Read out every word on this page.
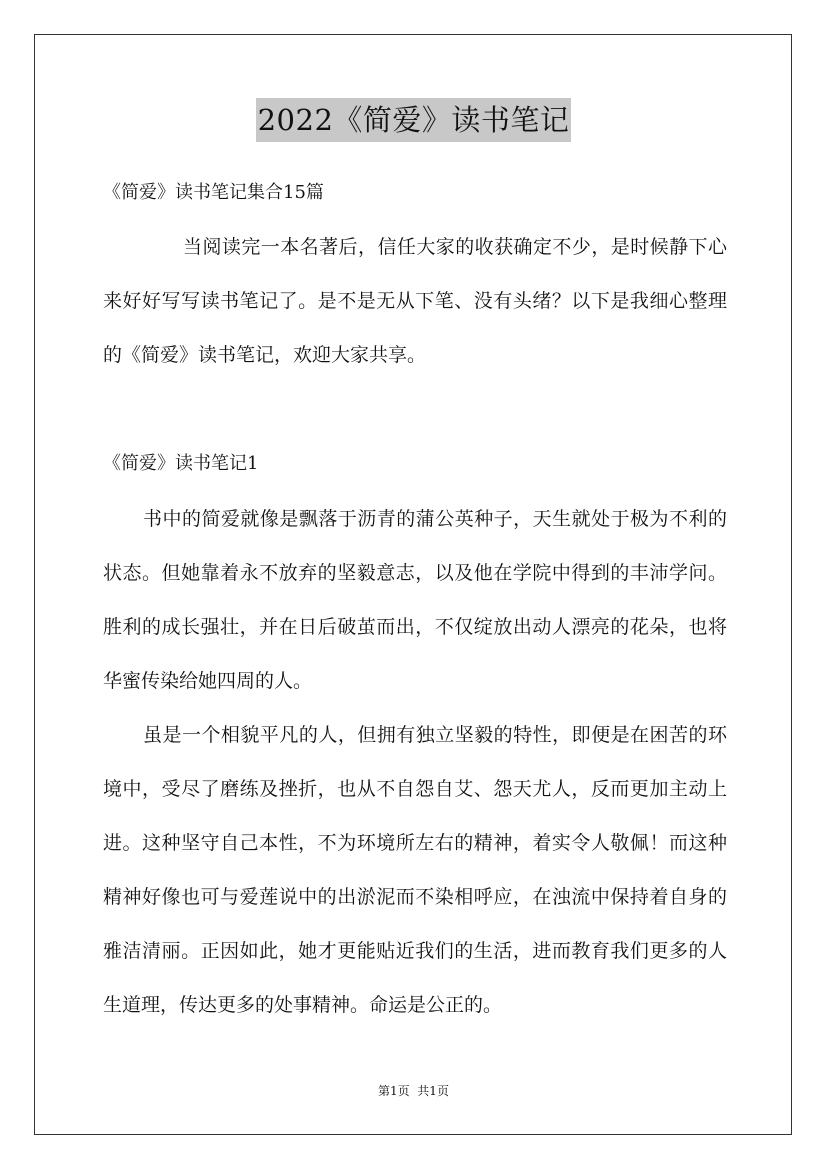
2022《简爱》读书笔记
《简爱》读书笔记集合15篇

当阅读完一本名著后，信任大家的收获确定不少，是时候静下心来好好写写读书笔记了。是不是无从下笔、没有头绪？以下是我细心整理的《简爱》读书笔记，欢迎大家共享。

《简爱》读书笔记1

书中的简爱就像是飘落于沥青的蒲公英种子，天生就处于极为不利的状态。但她靠着永不放弃的坚毅意志，以及他在学院中得到的丰沛学问。胜利的成长强壮，并在日后破茧而出，不仅绽放出动人漂亮的花朵，也将华蜜传染给她四周的人。

虽是一个相貌平凡的人，但拥有独立坚毅的特性，即便是在困苦的环境中，受尽了磨练及挫折，也从不自怨自艾、怨天尤人，反而更加主动上进。这种坚守自己本性，不为环境所左右的精神，着实令人敬佩！而这种精神好像也可与爱莲说中的出淤泥而不染相呼应，在浊流中保持着自身的雅洁清丽。正因如此，她才更能贴近我们的生活，进而教育我们更多的人生道理，传达更多的处事精神。命运是公正的。

第1页  共1页
